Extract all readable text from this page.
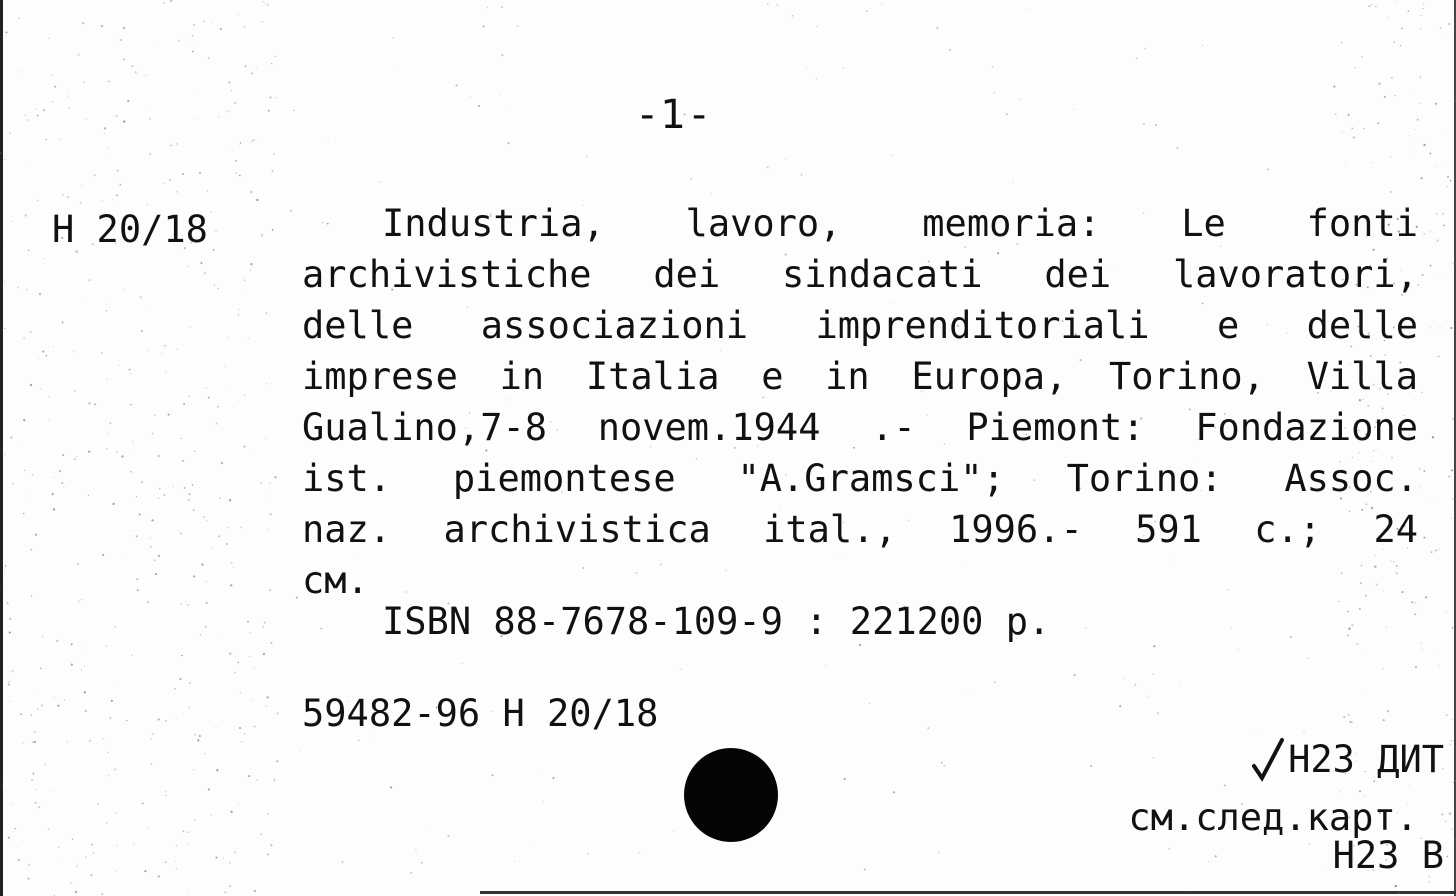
-1-
H 20/18	Industria, lavoro, memoria: Le fonti
archivistiche dei sindacati dei lavoratori,
delle associazioni imprenditoriali e delle
imprese in Italia e in Europa, Torino, Villa
Gualino,7-8 novem.1944 .- Piemont: Fondazione
ist. piemontese "A.Gramsci"; Torino: Assoc.
naz. archivistica ital., 1996.- 591 c.; 24
см.
ISBN 88-7678-109-9 : 221200 р.
59482-96 H 20/18

H23 ДИТ

H23 B
см.след.карт.
